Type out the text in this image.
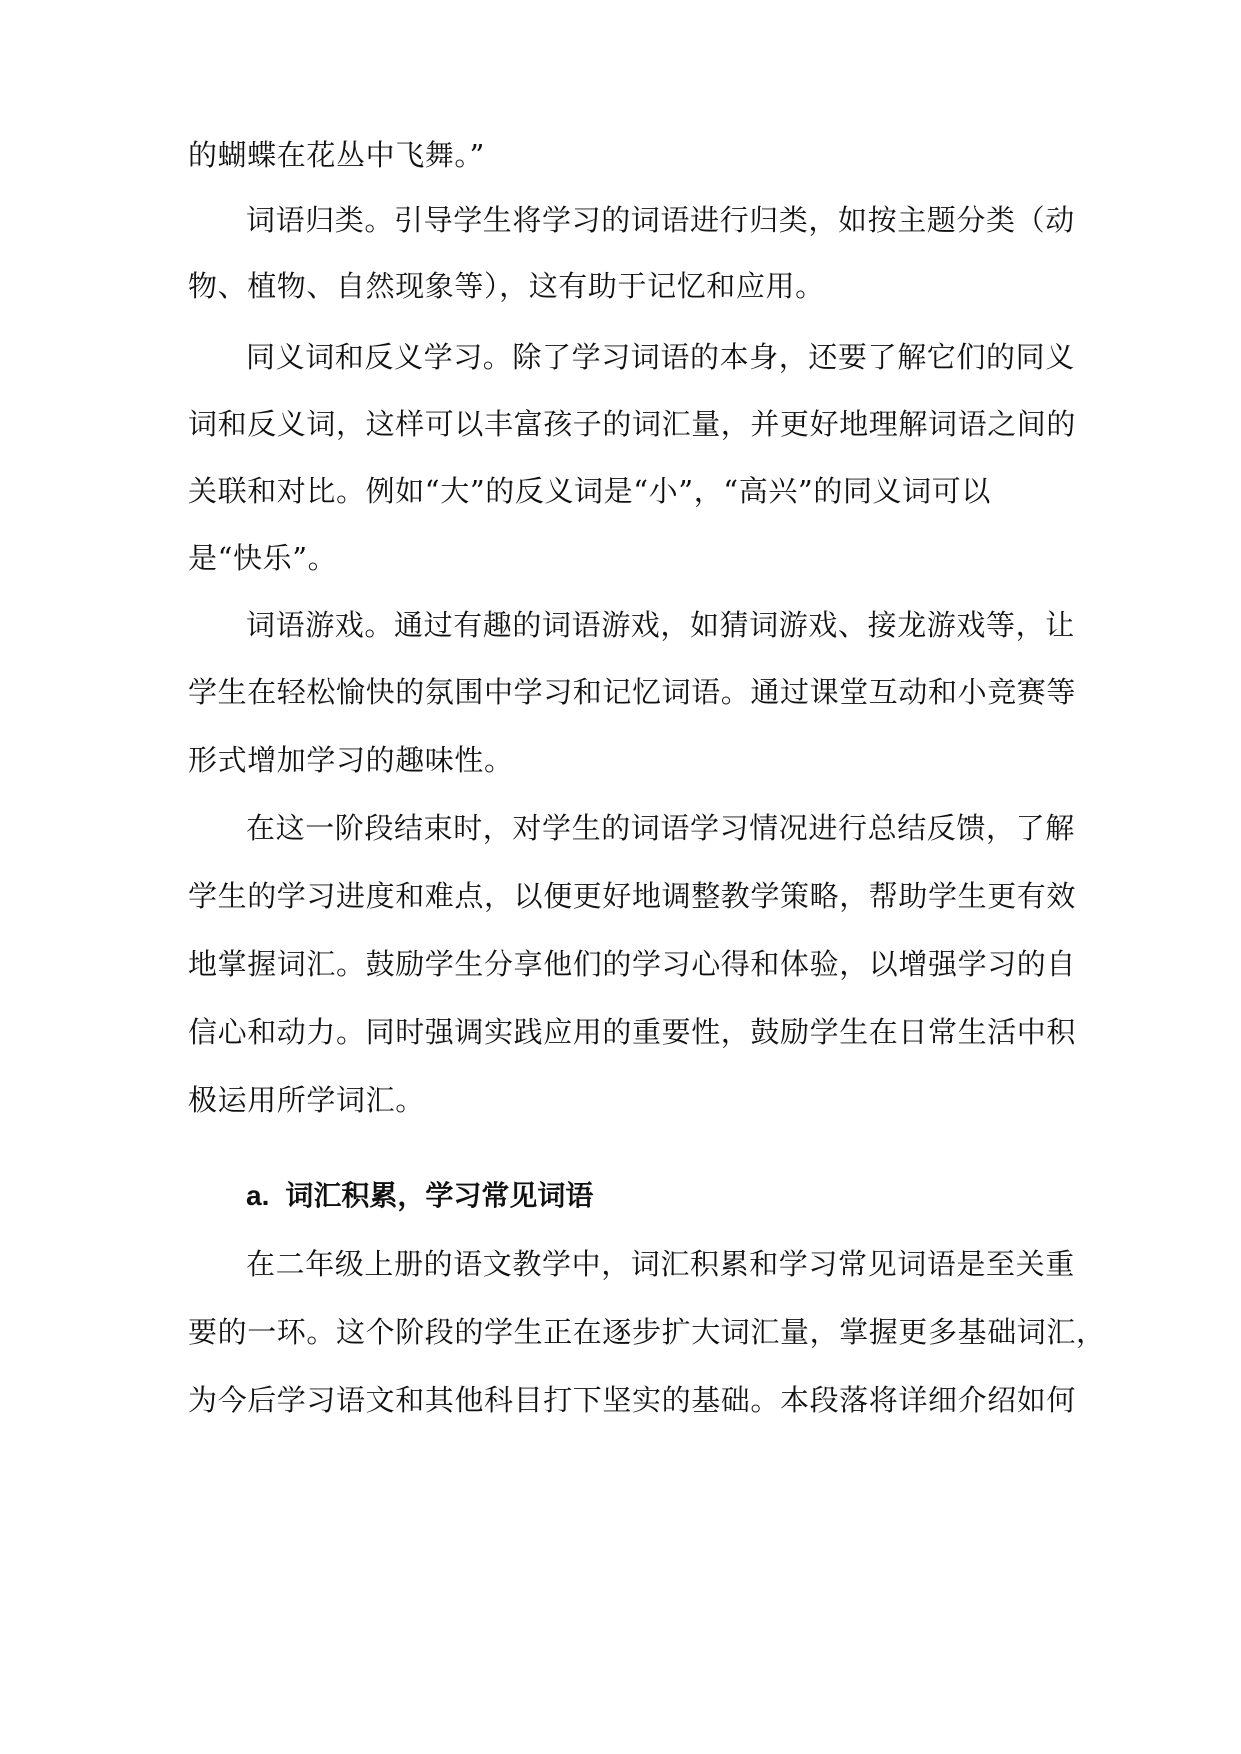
的蝴蝶在花丛中飞舞。”
词语归类。引导学生将学习的词语进行归类，如按主题分类（动
物、植物、自然现象等），这有助于记忆和应用。
同义词和反义学习。除了学习词语的本身，还要了解它们的同义
词和反义词，这样可以丰富孩子的词汇量，并更好地理解词语之间的
关联和对比。例如“大”的反义词是“小”，“高兴”的同义词可以
是“快乐”。
词语游戏。通过有趣的词语游戏，如猜词游戏、接龙游戏等，让
学生在轻松愉快的氛围中学习和记忆词语。通过课堂互动和小竞赛等
形式增加学习的趣味性。
在这一阶段结束时，对学生的词语学习情况进行总结反馈，了解
学生的学习进度和难点，以便更好地调整教学策略，帮助学生更有效
地掌握词汇。鼓励学生分享他们的学习心得和体验，以增强学习的自
信心和动力。同时强调实践应用的重要性，鼓励学生在日常生活中积
极运用所学词汇。
a. 词汇积累，学习常见词语
在二年级上册的语文教学中，词汇积累和学习常见词语是至关重
要的一环。这个阶段的学生正在逐步扩大词汇量，掌握更多基础词汇，
为今后学习语文和其他科目打下坚实的基础。本段落将详细介绍如何
